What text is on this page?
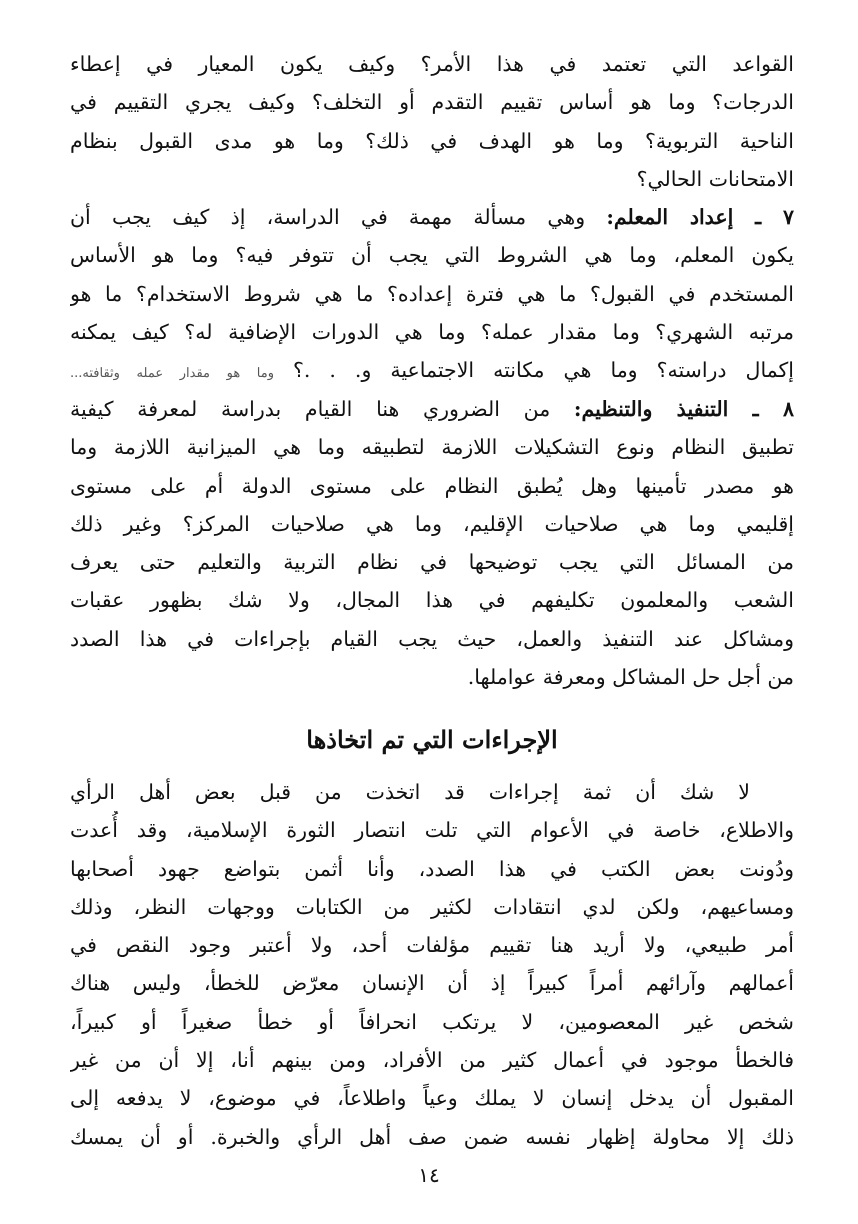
القواعد التي تعتمد في هذا الأمر؟ وكيف يكون المعيار في إعطاء
الدرجات؟ وما هو أساس تقييم التقدم أو التخلف؟ وكيف يجري التقييم في
الناحية التربوية؟ وما هو الهدف في ذلك؟ وما هو مدى القبول بنظام
الامتحانات الحالي؟
٧ ـ إعداد المعلم: وهي مسألة مهمة في الدراسة، إذ كيف يجب أن
يكون المعلم، وما هي الشروط التي يجب أن تتوفر فيه؟ وما هو الأساس
المستخدم في القبول؟ ما هي فترة إعداده؟ ما هي شروط الاستخدام؟ ما هو
مرتبه الشهري؟ وما مقدار عمله؟ وما هي الدورات الإضافية له؟ كيف يمكنه
إكمال دراسته؟ وما هي مكانته الاجتماعية و. . .؟ وما هو مقدار عمله وثقافته...
٨ ـ التنفيذ والتنظيم: من الضروري هنا القيام بدراسة لمعرفة كيفية
تطبيق النظام ونوع التشكيلات اللازمة لتطبيقه وما هي الميزانية اللازمة وما
هو مصدر تأمينها وهل يُطبق النظام على مستوى الدولة أم على مستوى
إقليمي وما هي صلاحيات الإقليم، وما هي صلاحيات المركز؟ وغير ذلك
من المسائل التي يجب توضيحها في نظام التربية والتعليم حتى يعرف
الشعب والمعلمون تكليفهم في هذا المجال، ولا شك بظهور عقبات
ومشاكل عند التنفيذ والعمل، حيث يجب القيام بإجراءات في هذا الصدد
من أجل حل المشاكل ومعرفة عواملها.
الإجراءات التي تم اتخاذها
لا شك أن ثمة إجراءات قد اتخذت من قبل بعض أهل الرأي
والاطلاع، خاصة في الأعوام التي تلت انتصار الثورة الإسلامية، وقد أُعدت
ودُونت بعض الكتب في هذا الصدد، وأنا أثمن بتواضع جهود أصحابها
ومساعيهم، ولكن لدي انتقادات لكثير من الكتابات ووجهات النظر، وذلك
أمر طبيعي، ولا أريد هنا تقييم مؤلفات أحد، ولا أعتبر وجود النقص في
أعمالهم وآرائهم أمراً كبيراً إذ أن الإنسان معرّض للخطأ، وليس هناك
شخص غير المعصومين، لا يرتكب انحرافاً أو خطأ صغيراً أو كبيراً،
فالخطأ موجود في أعمال كثير من الأفراد، ومن بينهم أنا، إلا أن من غير
المقبول أن يدخل إنسان لا يملك وعياً واطلاعاً، في موضوع، لا يدفعه إلى
ذلك إلا محاولة إظهار نفسه ضمن صف أهل الرأي والخبرة. أو أن يمسك
١٤
